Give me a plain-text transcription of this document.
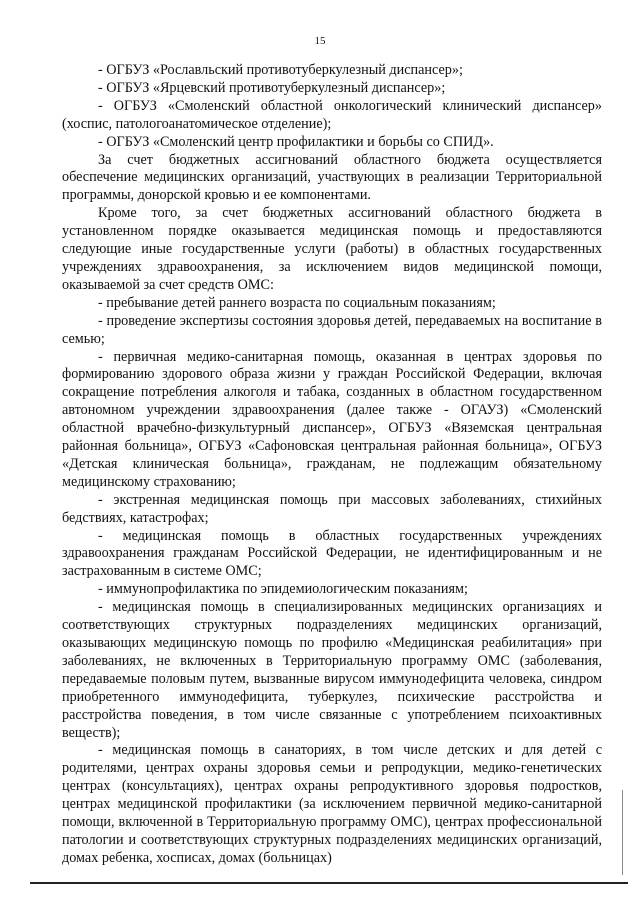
15

- ОГБУЗ «Рославльский противотуберкулезный диспансер»;

- ОГБУЗ «Ярцевский противотуберкулезный диспансер»;

- ОГБУЗ «Смоленский областной онкологический клинический диспансер» (хоспис, патологоанатомическое отделение);

- ОГБУЗ «Смоленский центр профилактики и борьбы со СПИД».

За счет бюджетных ассигнований областного бюджета осуществляется обеспечение медицинских организаций, участвующих в реализации Территориальной программы, донорской кровью и ее компонентами.

Кроме того, за счет бюджетных ассигнований областного бюджета в установленном порядке оказывается медицинская помощь и предоставляются следующие иные государственные услуги (работы) в областных государственных учреждениях здравоохранения, за исключением видов медицинской помощи, оказываемой за счет средств ОМС:

- пребывание детей раннего возраста по социальным показаниям;

- проведение экспертизы состояния здоровья детей, передаваемых на воспитание в семью;

- первичная медико-санитарная помощь, оказанная в центрах здоровья по формированию здорового образа жизни у граждан Российской Федерации, включая сокращение потребления алкоголя и табака, созданных в областном государственном автономном учреждении здравоохранения (далее также - ОГАУЗ) «Смоленский областной врачебно-физкультурный диспансер», ОГБУЗ «Вяземская центральная районная больница», ОГБУЗ «Сафоновская центральная районная больница», ОГБУЗ «Детская клиническая больница», гражданам, не подлежащим обязательному медицинскому страхованию;

- экстренная медицинская помощь при массовых заболеваниях, стихийных бедствиях, катастрофах;

- медицинская помощь в областных государственных учреждениях здравоохранения гражданам Российской Федерации, не идентифицированным и не застрахованным в системе ОМС;

- иммунопрофилактика по эпидемиологическим показаниям;

- медицинская помощь в специализированных медицинских организациях и соответствующих структурных подразделениях медицинских организаций, оказывающих медицинскую помощь по профилю «Медицинская реабилитация» при заболеваниях, не включенных в Территориальную программу ОМС (заболевания, передаваемые половым путем, вызванные вирусом иммунодефицита человека, синдром приобретенного иммунодефицита, туберкулез, психические расстройства и расстройства поведения, в том числе связанные с употреблением психоактивных веществ);

- медицинская помощь в санаториях, в том числе детских и для детей с родителями, центрах охраны здоровья семьи и репродукции, медико-генетических центрах (консультациях), центрах охраны репродуктивного здоровья подростков, центрах медицинской профилактики (за исключением первичной медико-санитарной помощи, включенной в Территориальную программу ОМС), центрах профессиональной патологии и соответствующих структурных подразделениях медицинских организаций, домах ребенка, хосписах, домах (больницах)
